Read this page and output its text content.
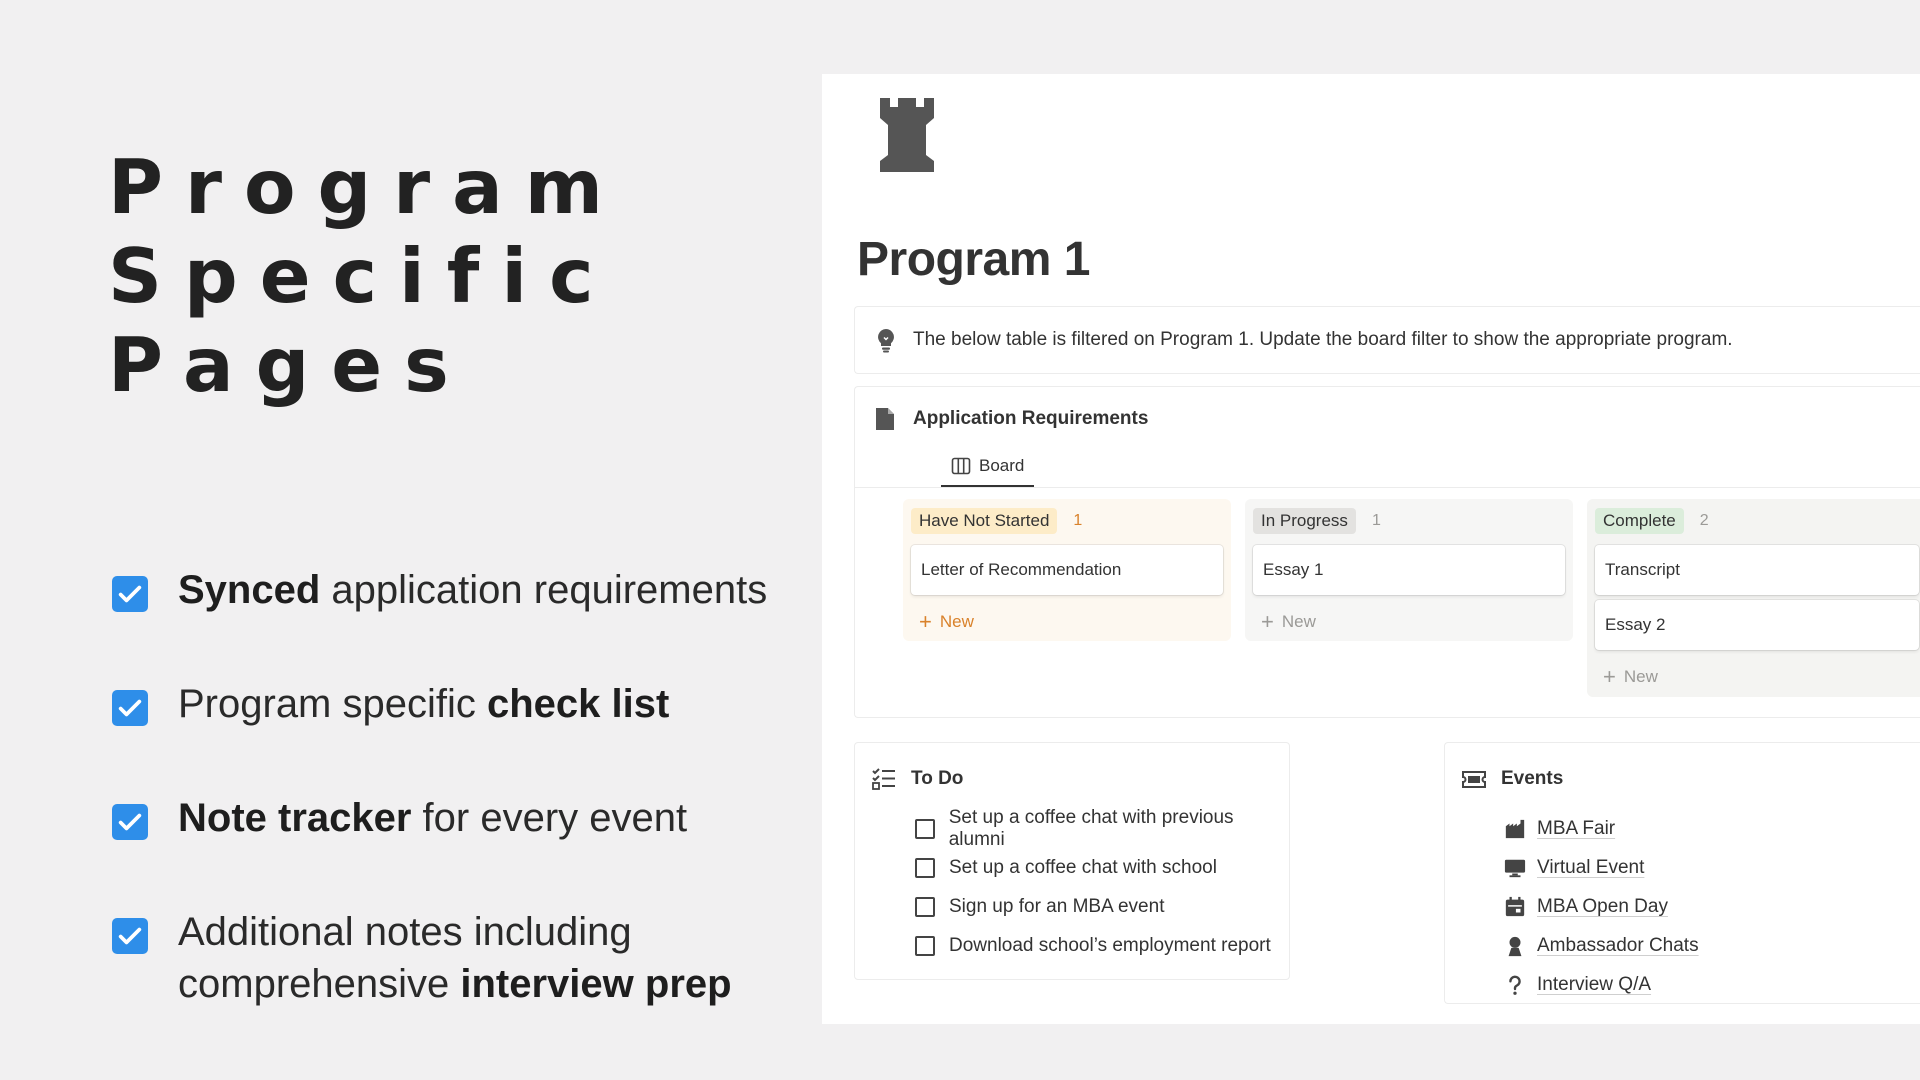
Program
Specific
Pages
Synced application requirements
Program specific check list
Note tracker for every event
Additional notes including
comprehensive interview prep
Program 1
The below table is filtered on Program 1. Update the board filter to show the appropriate program.
Application Requirements
Board
Have Not Started	1
Letter of Recommendation
+ New
In Progress	1
Essay 1
+ New
Complete	2
Transcript
Essay 2
+ New
To Do
Set up a coffee chat with previous alumni
Set up a coffee chat with school
Sign up for an MBA event
Download school’s employment report
Events
MBA Fair
Virtual Event
MBA Open Day
Ambassador Chats
Interview Q/A
